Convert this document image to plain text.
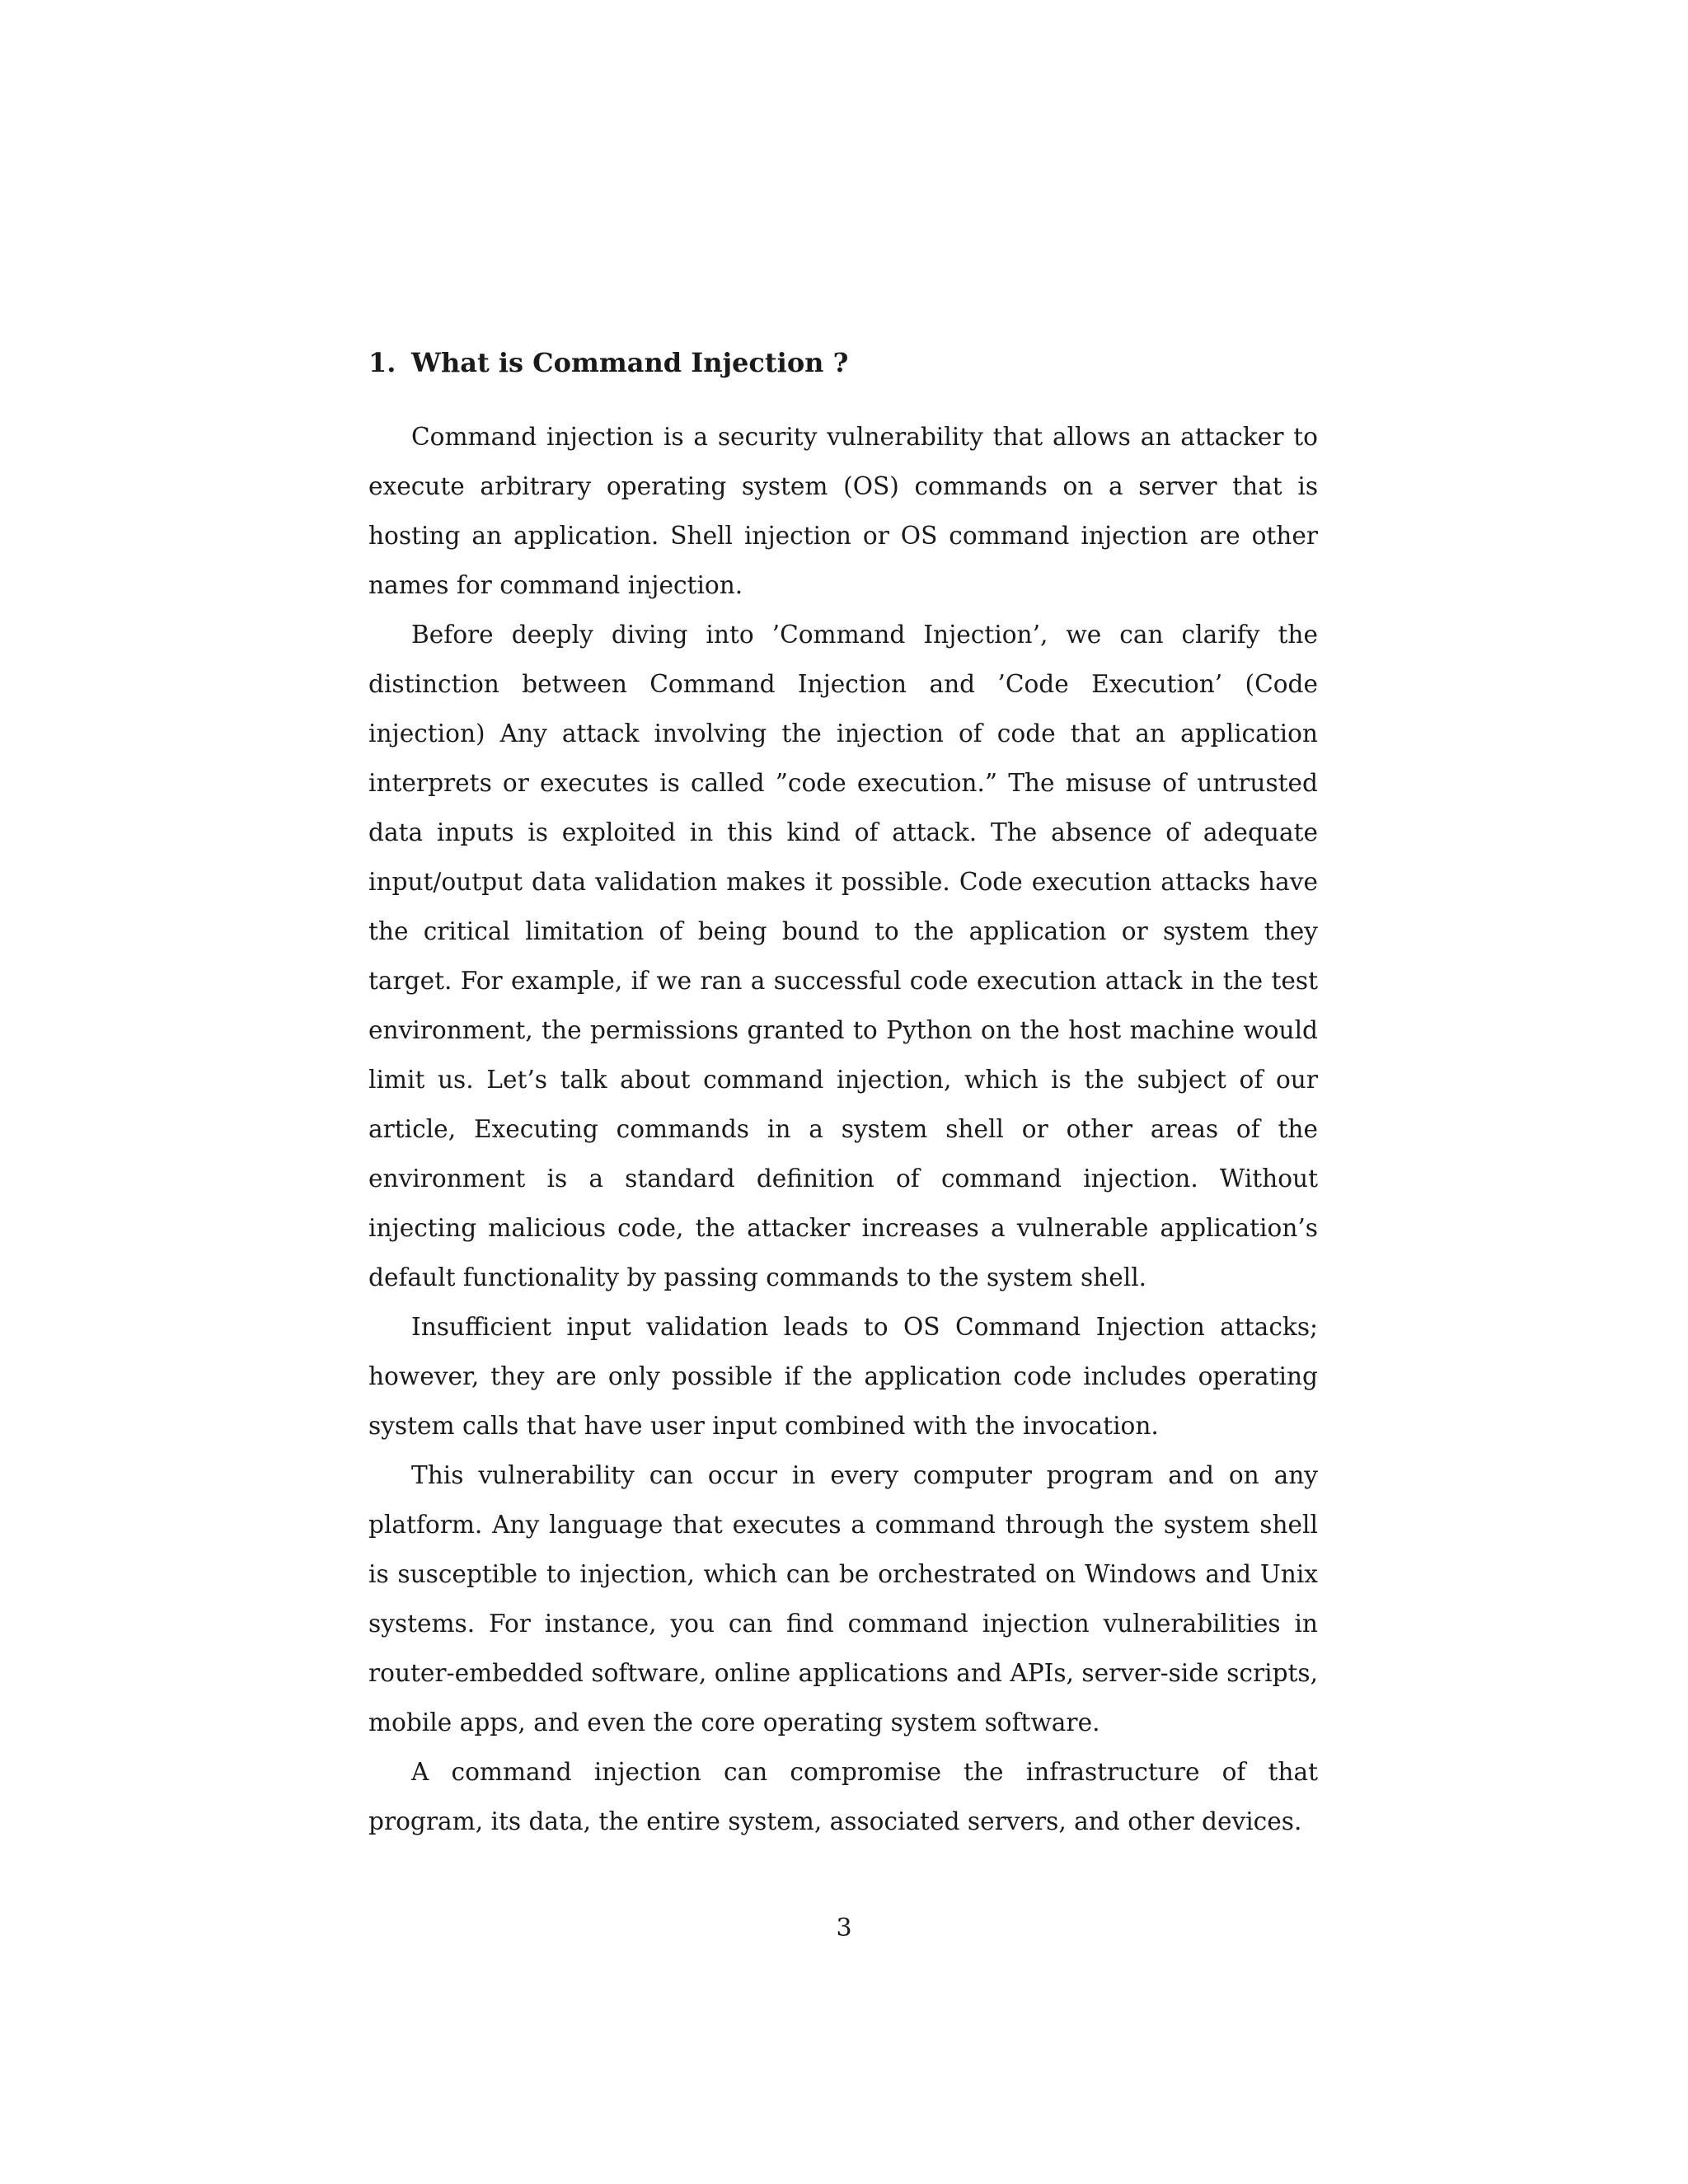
1. What is Command Injection ?

Command injection is a security vulnerability that allows an attacker to execute arbitrary operating system (OS) commands on a server that is hosting an application. Shell injection or OS command injection are other names for command injection.

Before deeply diving into ’Command Injection’, we can clarify the distinction between Command Injection and ’Code Execution’ (Code injection) Any attack involving the injection of code that an application interprets or executes is called ”code execution.” The misuse of untrusted data inputs is exploited in this kind of attack. The absence of adequate input/output data validation makes it possible. Code execution attacks have the critical limitation of being bound to the application or system they target. For example, if we ran a successful code execution attack in the test environment, the permissions granted to Python on the host machine would limit us. Let’s talk about command injection, which is the subject of our article, Executing commands in a system shell or other areas of the environment is a standard definition of command injection. Without injecting malicious code, the attacker increases a vulnerable application’s default functionality by passing commands to the system shell.

Insufficient input validation leads to OS Command Injection attacks; however, they are only possible if the application code includes operating system calls that have user input combined with the invocation.

This vulnerability can occur in every computer program and on any platform. Any language that executes a command through the system shell is susceptible to injection, which can be orchestrated on Windows and Unix systems. For instance, you can find command injection vulnerabilities in router-embedded software, online applications and APIs, server-side scripts, mobile apps, and even the core operating system software.

A command injection can compromise the infrastructure of that program, its data, the entire system, associated servers, and other devices.

3
